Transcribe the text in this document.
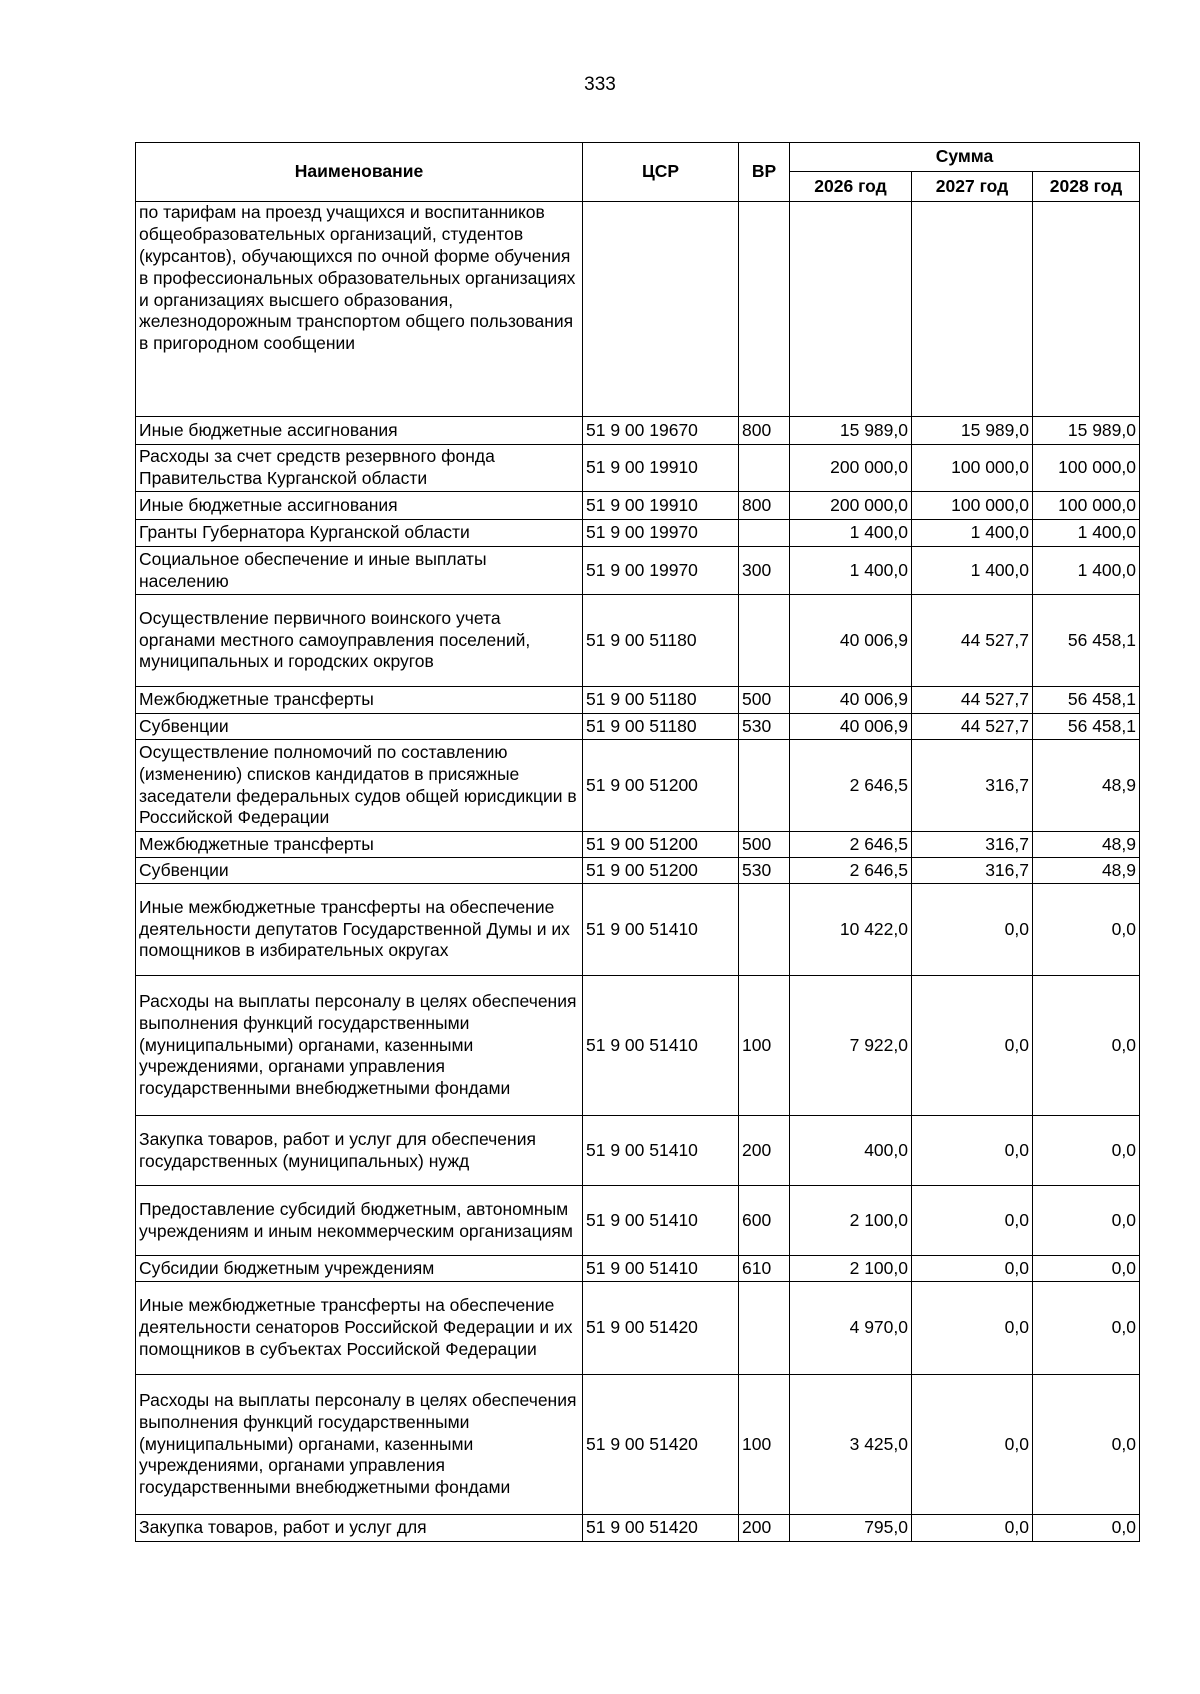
333
Наименование	ЦСР	ВР	Сумма		
			2026 год	2027 год	2028 год
по тарифам на проезд учащихся и воспитанников общеобразовательных организаций, студентов (курсантов), обучающихся по очной форме обучения в профессиональных образовательных организациях и организациях высшего образования, железнодорожным транспортом общего пользования в пригородном сообщении					
Иные бюджетные ассигнования	51 9 00 19670	800	15 989,0	15 989,0	15 989,0
Расходы за счет средств резервного фонда Правительства Курганской области	51 9 00 19910		200 000,0	100 000,0	100 000,0
Иные бюджетные ассигнования	51 9 00 19910	800	200 000,0	100 000,0	100 000,0
Гранты Губернатора Курганской области	51 9 00 19970		1 400,0	1 400,0	1 400,0
Социальное обеспечение и иные выплаты населению	51 9 00 19970	300	1 400,0	1 400,0	1 400,0
Осуществление первичного воинского учета органами местного самоуправления поселений, муниципальных и городских округов	51 9 00 51180		40 006,9	44 527,7	56 458,1
Межбюджетные трансферты	51 9 00 51180	500	40 006,9	44 527,7	56 458,1
Субвенции	51 9 00 51180	530	40 006,9	44 527,7	56 458,1
Осуществление полномочий по составлению (изменению) списков кандидатов в присяжные заседатели федеральных судов общей юрисдикции в Российской Федерации	51 9 00 51200		2 646,5	316,7	48,9
Межбюджетные трансферты	51 9 00 51200	500	2 646,5	316,7	48,9
Субвенции	51 9 00 51200	530	2 646,5	316,7	48,9
Иные межбюджетные трансферты на обеспечение деятельности депутатов Государственной Думы и их помощников в избирательных округах	51 9 00 51410		10 422,0	0,0	0,0
Расходы на выплаты персоналу в целях обеспечения выполнения функций государственными (муниципальными) органами, казенными учреждениями, органами управления государственными внебюджетными фондами	51 9 00 51410	100	7 922,0	0,0	0,0
Закупка товаров, работ и услуг для обеспечения государственных (муниципальных) нужд	51 9 00 51410	200	400,0	0,0	0,0
Предоставление субсидий бюджетным, автономным учреждениям и иным некоммерческим организациям	51 9 00 51410	600	2 100,0	0,0	0,0
Субсидии бюджетным учреждениям	51 9 00 51410	610	2 100,0	0,0	0,0
Иные межбюджетные трансферты на обеспечение деятельности сенаторов Российской Федерации и их помощников в субъектах Российской Федерации	51 9 00 51420		4 970,0	0,0	0,0
Расходы на выплаты персоналу в целях обеспечения выполнения функций государственными (муниципальными) органами, казенными учреждениями, органами управления государственными внебюджетными фондами	51 9 00 51420	100	3 425,0	0,0	0,0
Закупка товаров, работ и услуг для	51 9 00 51420	200	795,0	0,0	0,0
